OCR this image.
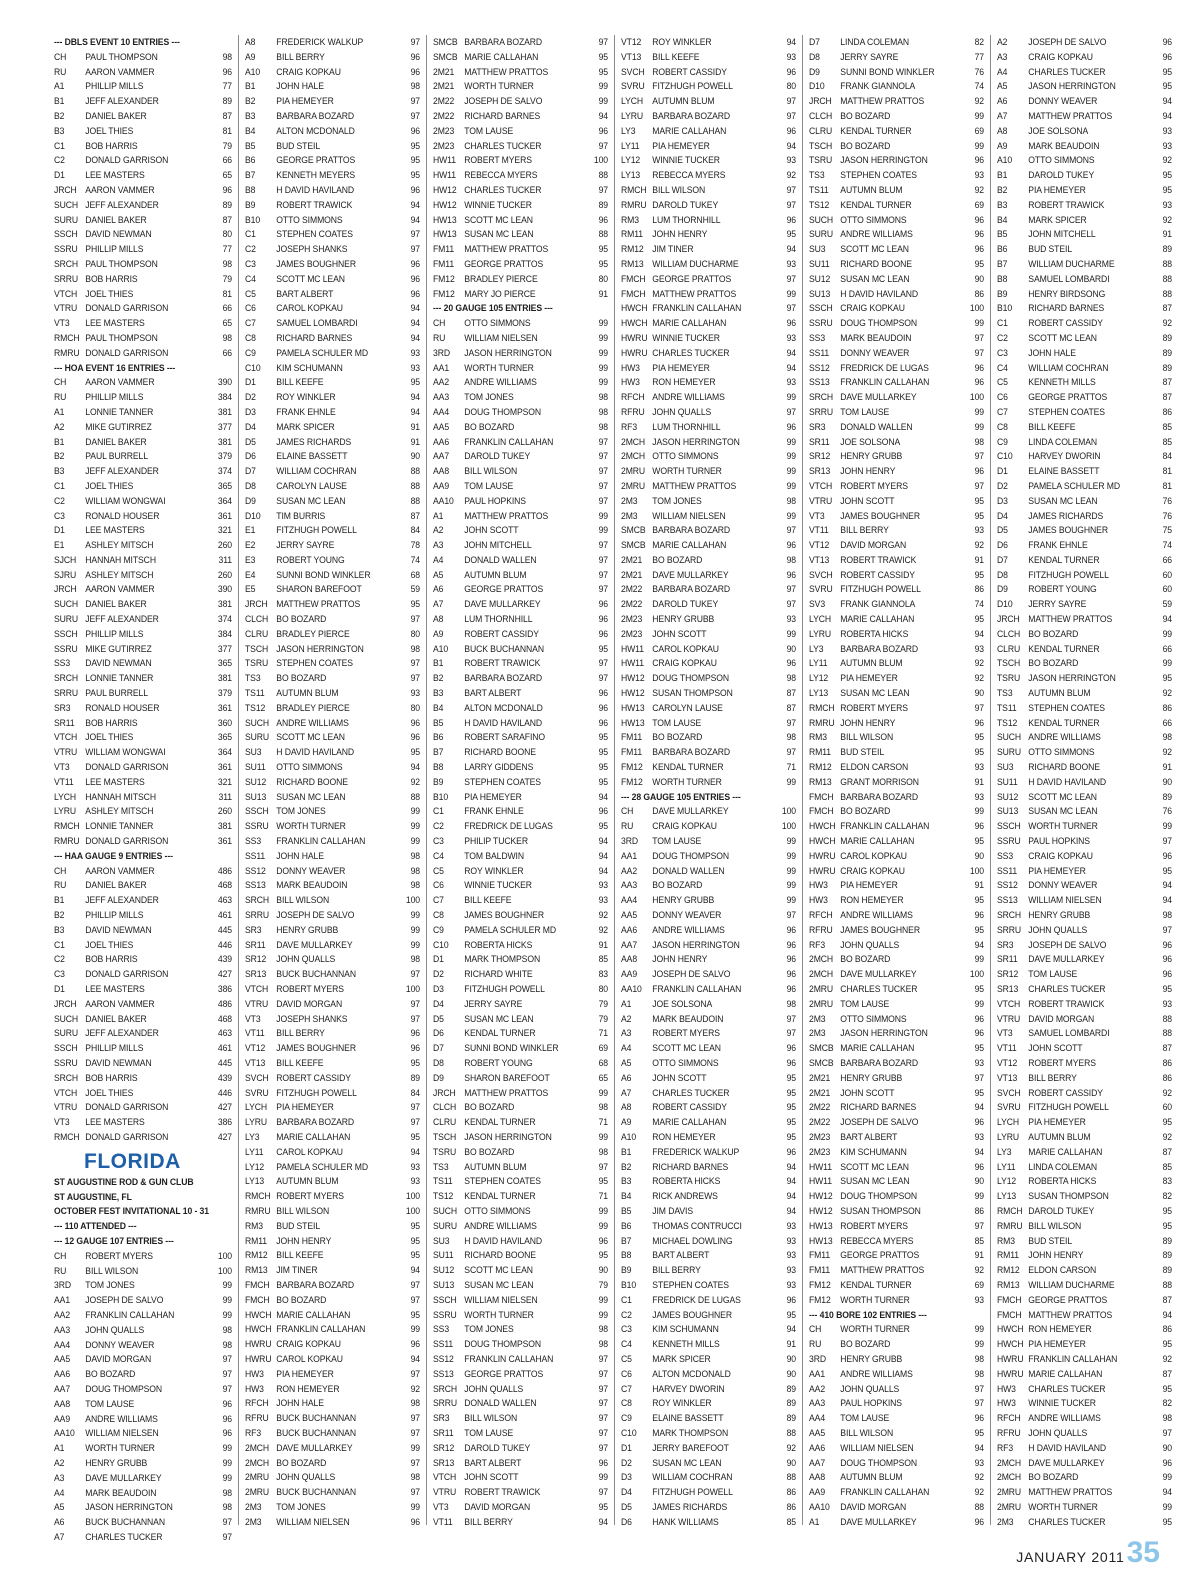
--- DBLS EVENT 10 ENTRIES ---
CH	PAUL THOMPSON	98
RU	AARON VAMMER	96
A1	PHILLIP MILLS	77
B1	JEFF ALEXANDER	89
B2	DANIEL BAKER	87
B3	JOEL THIES	81
C1	BOB HARRIS	79
C2	DONALD GARRISON	66
D1	LEE MASTERS	65
JRCH AARON VAMMER	96
SUCH JEFF ALEXANDER	89
SURU DANIEL BAKER	87
SSCH DAVID NEWMAN	80
SSRU PHILLIP MILLS	77
SRCH PAUL THOMPSON	98
SRRU BOB HARRIS	79
VTCH JOEL THIES	81
VTRU DONALD GARRISON	66
VT3	LEE MASTERS	65
RMCH PAUL THOMPSON	98
RMRU DONALD GARRISON	66
--- HOA EVENT 16 ENTRIES ---
CH	AARON VAMMER	390
RU	PHILLIP MILLS	384
A1	LONNIE TANNER	381
A2	MIKE GUTIRREZ	377
B1	DANIEL BAKER	381
B2	PAUL BURRELL	379
B3	JEFF ALEXANDER	374
C1	JOEL THIES	365
C2	WILLIAM WONGWAI	364
C3	RONALD HOUSER	361
D1	LEE MASTERS	321
E1	ASHLEY MITSCH	260
SJCH HANNAH MITSCH	311
SJRU ASHLEY MITSCH	260
JRCH AARON VAMMER	390
SUCH DANIEL BAKER	381
SURU JEFF ALEXANDER	374
SSCH PHILLIP MILLS	384
SSRU MIKE GUTIRREZ	377
SS3	DAVID NEWMAN	365
SRCH LONNIE TANNER	381
SRRU PAUL BURRELL	379
SR3	RONALD HOUSER	361
SR11	BOB HARRIS	360
VTCH JOEL THIES	365
VTRU WILLIAM WONGWAI	364
VT3	DONALD GARRISON	361
VT11	LEE MASTERS	321
LYCH HANNAH MITSCH	311
LYRU ASHLEY MITSCH	260
RMCH LONNIE TANNER	381
RMRU DONALD GARRISON	361
--- HAA GAUGE 9 ENTRIES ---
CH	AARON VAMMER	486
RU	DANIEL BAKER	468
B1	JEFF ALEXANDER	463
B2	PHILLIP MILLS	461
B3	DAVID NEWMAN	445
C1	JOEL THIES	446
C2	BOB HARRIS	439
C3	DONALD GARRISON	427
D1	LEE MASTERS	386
JRCH AARON VAMMER	486
SUCH DANIEL BAKER	468
SURU JEFF ALEXANDER	463
SSCH PHILLIP MILLS	461
SSRU DAVID NEWMAN	445
SRCH BOB HARRIS	439
VTCH JOEL THIES	446
VTRU DONALD GARRISON	427
VT3	LEE MASTERS	386
RMCH DONALD GARRISON	427
FLORIDA
ST AUGUSTINE ROD & GUN CLUB
ST AUGUSTINE, FL
OCTOBER FEST INVITATIONAL 10 - 31
--- 110 ATTENDED ---
--- 12 GAUGE 107 ENTRIES ---
CH	ROBERT MYERS	100
RU	BILL WILSON	100
3RD	TOM JONES	99
AA1	JOSEPH DE SALVO	99
AA2	FRANKLIN CALLAHAN	99
AA3	JOHN QUALLS	98
AA4	DONNY WEAVER	98
AA5	DAVID MORGAN	97
AA6	BO BOZARD	97
AA7	DOUG THOMPSON	97
AA8	TOM LAUSE	96
AA9	ANDRE WILLIAMS	96
AA10	WILLIAM NIELSEN	96
A1	WORTH TURNER	99
A2	HENRY GRUBB	99
A3	DAVE MULLARKEY	99
A4	MARK BEAUDOIN	98
A5	JASON HERRINGTON	98
A6	BUCK BUCHANNAN	97
A7	CHARLES TUCKER	97
A8	FREDERICK WALKUP	97
A9	BILL BERRY	96
A10	CRAIG KOPKAU	96
B1	JOHN HALE	98
B2	PIA HEMEYER	97
B3	BARBARA BOZARD	97
B4	ALTON MCDONALD	96
B5	BUD STEIL	95
B6	GEORGE PRATTOS	95
B7	KENNETH MEYERS	95
B8	H DAVID HAVILAND	96
B9	ROBERT TRAWICK	94
B10	OTTO SIMMONS	94
C1	STEPHEN COATES	97
C2	JOSEPH SHANKS	97
C3	JAMES BOUGHNER	96
C4	SCOTT MC LEAN	96
C5	BART ALBERT	96
C6	CAROL KOPKAU	94
C7	SAMUEL LOMBARDI	94
C8	RICHARD BARNES	94
C9	PAMELA SCHULER MD	93
C10	KIM SCHUMANN	93
D1	BILL KEEFE	95
D2	ROY WINKLER	94
D3	FRANK EHNLE	94
D4	MARK SPICER	91
D5	JAMES RICHARDS	91
D6	ELAINE BASSETT	90
D7	WILLIAM COCHRAN	88
D8	CAROLYN LAUSE	88
D9	SUSAN MC LEAN	88
D10	TIM BURRIS	87
E1	FITZHUGH POWELL	84
E2	JERRY SAYRE	78
E3	ROBERT YOUNG	74
E4	SUNNI BOND WINKLER	68
E5	SHARON BAREFOOT	59
JRCH MATTHEW PRATTOS	95
CLCH BO BOZARD	97
CLRU BRADLEY PIERCE	80
TSCH JASON HERRINGTON	98
TSRU STEPHEN COATES	97
TS3	BO BOZARD	97
TS11	AUTUMN BLUM	93
TS12	BRADLEY PIERCE	80
SUCH ANDRE WILLIAMS	96
SURU SCOTT MC LEAN	96
SU3	H DAVID HAVILAND	95
SU11	OTTO SIMMONS	94
SU12	RICHARD BOONE	92
SU13	SUSAN MC LEAN	88
SSCH TOM JONES	99
SSRU WORTH TURNER	99
SS3	FRANKLIN CALLAHAN	99
SS11	JOHN HALE	98
SS12	DONNY WEAVER	98
SS13	MARK BEAUDOIN	98
SRCH BILL WILSON	100
SRRU JOSEPH DE SALVO	99
SR3	HENRY GRUBB	99
SR11	DAVE MULLARKEY	99
SR12	JOHN QUALLS	98
SR13	BUCK BUCHANNAN	97
VTCH ROBERT MYERS	100
VTRU DAVID MORGAN	97
VT3	JOSEPH SHANKS	97
VT11	BILL BERRY	96
VT12	JAMES BOUGHNER	96
VT13	BILL KEEFE	95
SVCH ROBERT CASSIDY	89
SVRU FITZHUGH POWELL	84
LYCH PIA HEMEYER	97
LYRU BARBARA BOZARD	97
LY3	MARIE CALLAHAN	95
LY11	CAROL KOPKAU	94
LY12	PAMELA SCHULER MD	93
LY13	AUTUMN BLUM	93
RMCH ROBERT MYERS	100
RMRU BILL WILSON	100
RM3	BUD STEIL	95
RM11 JOHN HENRY	95
RM12 BILL KEEFE	95
RM13 JIM TINER	94
FMCH BARBARA BOZARD	97
FMCH BO BOZARD	97
HWCH MARIE CALLAHAN	95
HWCH FRANKLIN CALLAHAN	99
HWRU CRAIG KOPKAU	96
HWRU CAROL KOPKAU	94
HW3	PIA HEMEYER	97
HW3	RON HEMEYER	92
RFCH JOHN HALE	98
RFRU BUCK BUCHANNAN	97
RF3	BUCK BUCHANNAN	97
2MCH DAVE MULLARKEY	99
2MCH BO BOZARD	97
2MRU JOHN QUALLS	98
2MRU BUCK BUCHANNAN	97
2M3	TOM JONES	99
2M3	WILLIAM NIELSEN	96
SMCB BARBARA BOZARD	97
SMCB MARIE CALLAHAN	95
2M21	MATTHEW PRATTOS	95
2M21	WORTH TURNER	99
2M22	JOSEPH DE SALVO	99
2M22	RICHARD BARNES	94
2M23	TOM LAUSE	96
2M23	CHARLES TUCKER	97
HW11 ROBERT MYERS	100
HW11 REBECCA MYERS	88
HW12 CHARLES TUCKER	97
HW12 WINNIE TUCKER	89
HW13 SCOTT MC LEAN	96
HW13 SUSAN MC LEAN	88
FM11	MATTHEW PRATTOS	95
FM11	GEORGE PRATTOS	95
FM12	BRADLEY PIERCE	80
FM12	MARY JO PIERCE	91
--- 20 GAUGE 105 ENTRIES ---
CH	OTTO SIMMONS	99
RU	WILLIAM NIELSEN	99
3RD	JASON HERRINGTON	99
AA1	WORTH TURNER	99
AA2	ANDRE WILLIAMS	99
AA3	TOM JONES	98
AA4	DOUG THOMPSON	98
AA5	BO BOZARD	98
AA6	FRANKLIN CALLAHAN	97
AA7	DAROLD TUKEY	97
AA8	BILL WILSON	97
AA9	TOM LAUSE	97
AA10	PAUL HOPKINS	97
A1	MATTHEW PRATTOS	99
A2	JOHN SCOTT	99
A3	JOHN MITCHELL	97
A4	DONALD WALLEN	97
A5	AUTUMN BLUM	97
A6	GEORGE PRATTOS	97
A7	DAVE MULLARKEY	96
A8	LUM THORNHILL	96
A9	ROBERT CASSIDY	96
A10	BUCK BUCHANNAN	95
B1	ROBERT TRAWICK	97
B2	BARBARA BOZARD	97
B3	BART ALBERT	96
B4	ALTON MCDONALD	96
B5	H DAVID HAVILAND	96
B6	ROBERT SARAFINO	95
B7	RICHARD BOONE	95
B8	LARRY GIDDENS	95
B9	STEPHEN COATES	95
B10	PIA HEMEYER	94
C1	FRANK EHNLE	96
C2	FREDRICK DE LUGAS	95
C3	PHILIP TUCKER	94
C4	TOM BALDWIN	94
C5	ROY WINKLER	94
C6	WINNIE TUCKER	93
C7	BILL KEEFE	93
C8	JAMES BOUGHNER	92
C9	PAMELA SCHULER MD	92
C10	ROBERTA HICKS	91
D1	MARK THOMPSON	85
D2	RICHARD WHITE	83
D3	FITZHUGH POWELL	80
D4	JERRY SAYRE	79
D5	SUSAN MC LEAN	79
D6	KENDAL TURNER	71
D7	SUNNI BOND WINKLER	69
D8	ROBERT YOUNG	68
D9	SHARON BAREFOOT	65
JRCH MATTHEW PRATTOS	99
CLCH BO BOZARD	98
CLRU KENDAL TURNER	71
TSCH JASON HERRINGTON	99
TSRU BO BOZARD	98
TS3	AUTUMN BLUM	97
TS11	STEPHEN COATES	95
TS12	KENDAL TURNER	71
SUCH OTTO SIMMONS	99
SURU ANDRE WILLIAMS	99
SU3	H DAVID HAVILAND	96
SU11	RICHARD BOONE	95
SU12	SCOTT MC LEAN	90
SU13	SUSAN MC LEAN	79
SSCH WILLIAM NIELSEN	99
SSRU WORTH TURNER	99
SS3	TOM JONES	98
SS11	DOUG THOMPSON	98
SS12	FRANKLIN CALLAHAN	97
SS13	GEORGE PRATTOS	97
SRCH JOHN QUALLS	97
SRRU DONALD WALLEN	97
SR3	BILL WILSON	97
SR11	TOM LAUSE	97
SR12	DAROLD TUKEY	97
SR13	BART ALBERT	96
VTCH JOHN SCOTT	99
VTRU ROBERT TRAWICK	97
VT3	DAVID MORGAN	95
VT11	BILL BERRY	94
VT12	ROY WINKLER	94
VT13	BILL KEEFE	93
SVCH ROBERT CASSIDY	96
SVRU FITZHUGH POWELL	80
LYCH AUTUMN BLUM	97
LYRU BARBARA BOZARD	97
LY3	MARIE CALLAHAN	96
LY11	PIA HEMEYER	94
LY12	WINNIE TUCKER	93
LY13	REBECCA MYERS	92
RMCH BILL WILSON	97
RMRU DAROLD TUKEY	97
RM3	LUM THORNHILL	96
RM11 JOHN HENRY	95
RM12 JIM TINER	94
RM13 WILLIAM DUCHARME	93
FMCH GEORGE PRATTOS	97
FMCH MATTHEW PRATTOS	99
HWCH FRANKLIN CALLAHAN	97
HWCH MARIE CALLAHAN	96
HWRU WINNIE TUCKER	93
HWRU CHARLES TUCKER	94
HW3	PIA HEMEYER	94
HW3	RON HEMEYER	93
RFCH ANDRE WILLIAMS	99
RFRU JOHN QUALLS	97
RF3	LUM THORNHILL	96
2MCH JASON HERRINGTON	99
2MCH OTTO SIMMONS	99
2MRU WORTH TURNER	99
2MRU MATTHEW PRATTOS	99
2M3	TOM JONES	98
2M3	WILLIAM NIELSEN	99
SMCB BARBARA BOZARD	97
SMCB MARIE CALLAHAN	96
2M21	BO BOZARD	98
2M21	DAVE MULLARKEY	96
2M22	BARBARA BOZARD	97
2M22	DAROLD TUKEY	97
2M23	HENRY GRUBB	93
2M23	JOHN SCOTT	99
HW11 CAROL KOPKAU	90
HW11 CRAIG KOPKAU	96
HW12 DOUG THOMPSON	98
HW12 SUSAN THOMPSON	87
HW13 CAROLYN LAUSE	87
HW13 TOM LAUSE	97
FM11	BO BOZARD	98
FM11	BARBARA BOZARD	97
FM12	KENDAL TURNER	71
FM12	WORTH TURNER	99
--- 28 GAUGE 105 ENTRIES ---
CH	DAVE MULLARKEY	100
RU	CRAIG KOPKAU	100
3RD	TOM LAUSE	99
AA1	DOUG THOMPSON	99
AA2	DONALD WALLEN	99
AA3	BO BOZARD	99
AA4	HENRY GRUBB	99
AA5	DONNY WEAVER	97
AA6	ANDRE WILLIAMS	96
AA7	JASON HERRINGTON	96
AA8	JOHN HENRY	96
AA9	JOSEPH DE SALVO	96
AA10	FRANKLIN CALLAHAN	96
A1	JOE SOLSONA	98
A2	MARK BEAUDOIN	97
A3	ROBERT MYERS	97
A4	SCOTT MC LEAN	96
A5	OTTO SIMMONS	96
A6	JOHN SCOTT	95
A7	CHARLES TUCKER	95
A8	ROBERT CASSIDY	95
A9	MARIE CALLAHAN	95
A10	RON HEMEYER	95
B1	FREDERICK WALKUP	96
B2	RICHARD BARNES	94
B3	ROBERTA HICKS	94
B4	RICK ANDREWS	94
B5	JIM DAVIS	94
B6	THOMAS CONTRUCCI	93
B7	MICHAEL DOWLING	93
B8	BART ALBERT	93
B9	BILL BERRY	93
B10	STEPHEN COATES	93
C1	FREDRICK DE LUGAS	96
C2	JAMES BOUGHNER	95
C3	KIM SCHUMANN	94
C4	KENNETH MILLS	91
C5	MARK SPICER	90
C6	ALTON MCDONALD	90
C7	HARVEY DWORIN	89
C8	ROY WINKLER	89
C9	ELAINE BASSETT	89
C10	MARK THOMPSON	88
D1	JERRY BAREFOOT	92
D2	SUSAN MC LEAN	90
D3	WILLIAM COCHRAN	88
D4	FITZHUGH POWELL	86
D5	JAMES RICHARDS	86
D6	HANK WILLIAMS	85
D7	LINDA COLEMAN	82
D8	JERRY SAYRE	77
D9	SUNNI BOND WINKLER	76
D10	FRANK GIANNOLA	74
JRCH MATTHEW PRATTOS	92
CLCH BO BOZARD	99
CLRU KENDAL TURNER	69
TSCH BO BOZARD	99
TSRU JASON HERRINGTON	96
TS3	STEPHEN COATES	93
TS11	AUTUMN BLUM	92
TS12	KENDAL TURNER	69
SUCH OTTO SIMMONS	96
SURU ANDRE WILLIAMS	96
SU3	SCOTT MC LEAN	96
SU11	RICHARD BOONE	95
SU12	SUSAN MC LEAN	90
SU13	H DAVID HAVILAND	86
SSCH CRAIG KOPKAU	100
SSRU DOUG THOMPSON	99
SS3	MARK BEAUDOIN	97
SS11	DONNY WEAVER	97
SS12	FREDRICK DE LUGAS	96
SS13	FRANKLIN CALLAHAN	96
SRCH DAVE MULLARKEY	100
SRRU TOM LAUSE	99
SR3	DONALD WALLEN	99
SR11	JOE SOLSONA	98
SR12	HENRY GRUBB	97
SR13	JOHN HENRY	96
VTCH ROBERT MYERS	97
VTRU JOHN SCOTT	95
VT3	JAMES BOUGHNER	95
VT11	BILL BERRY	93
VT12	DAVID MORGAN	92
VT13	ROBERT TRAWICK	91
SVCH ROBERT CASSIDY	95
SVRU FITZHUGH POWELL	86
SV3	FRANK GIANNOLA	74
LYCH MARIE CALLAHAN	95
LYRU ROBERTA HICKS	94
LY3	BARBARA BOZARD	93
LY11	AUTUMN BLUM	92
LY12	PIA HEMEYER	92
LY13	SUSAN MC LEAN	90
RMCH ROBERT MYERS	97
RMRU JOHN HENRY	96
RM3	BILL WILSON	95
RM11 BUD STEIL	95
RM12 ELDON CARSON	93
RM13 GRANT MORRISON	91
FMCH BARBARA BOZARD	93
FMCH BO BOZARD	99
HWCH FRANKLIN CALLAHAN	96
HWCH MARIE CALLAHAN	95
HWRU CAROL KOPKAU	90
HWRU CRAIG KOPKAU	100
HW3	PIA HEMEYER	91
HW3	RON HEMEYER	95
RFCH ANDRE WILLIAMS	96
RFRU JAMES BOUGHNER	95
RF3	JOHN QUALLS	94
2MCH BO BOZARD	99
2MCH DAVE MULLARKEY	100
2MRU CHARLES TUCKER	95
2MRU TOM LAUSE	99
2M3	OTTO SIMMONS	96
2M3	JASON HERRINGTON	96
SMCB MARIE CALLAHAN	95
SMCB BARBARA BOZARD	93
2M21	HENRY GRUBB	97
2M21	JOHN SCOTT	95
2M22	RICHARD BARNES	94
2M22	JOSEPH DE SALVO	96
2M23	BART ALBERT	93
2M23	KIM SCHUMANN	94
HW11 SCOTT MC LEAN	96
HW11 SUSAN MC LEAN	90
HW12 DOUG THOMPSON	99
HW12 SUSAN THOMPSON	86
HW13 ROBERT MYERS	97
HW13 REBECCA MYERS	85
FM11	GEORGE PRATTOS	91
FM11	MATTHEW PRATTOS	92
FM12	KENDAL TURNER	69
FM12	WORTH TURNER	93
--- 410 BORE 102 ENTRIES ---
CH	WORTH TURNER	99
RU	BO BOZARD	99
3RD	HENRY GRUBB	98
AA1	ANDRE WILLIAMS	98
AA2	JOHN QUALLS	97
AA3	PAUL HOPKINS	97
AA4	TOM LAUSE	96
AA5	BILL WILSON	95
AA6	WILLIAM NIELSEN	94
AA7	DOUG THOMPSON	93
AA8	AUTUMN BLUM	92
AA9	FRANKLIN CALLAHAN	92
AA10	DAVID MORGAN	88
A1	DAVE MULLARKEY	96
A2	JOSEPH DE SALVO	96
A3	CRAIG KOPKAU	96
A4	CHARLES TUCKER	95
A5	JASON HERRINGTON	95
A6	DONNY WEAVER	94
A7	MATTHEW PRATTOS	94
A8	JOE SOLSONA	93
A9	MARK BEAUDOIN	93
A10	OTTO SIMMONS	92
B1	DAROLD TUKEY	95
B2	PIA HEMEYER	95
B3	ROBERT TRAWICK	93
B4	MARK SPICER	92
B5	JOHN MITCHELL	91
B6	BUD STEIL	89
B7	WILLIAM DUCHARME	88
B8	SAMUEL LOMBARDI	88
B9	HENRY BIRDSONG	88
B10	RICHARD BARNES	87
C1	ROBERT CASSIDY	92
C2	SCOTT MC LEAN	89
C3	JOHN HALE	89
C4	WILLIAM COCHRAN	89
C5	KENNETH MILLS	87
C6	GEORGE PRATTOS	87
C7	STEPHEN COATES	86
C8	BILL KEEFE	85
C9	LINDA COLEMAN	85
C10	HARVEY DWORIN	84
D1	ELAINE BASSETT	81
D2	PAMELA SCHULER MD	81
D3	SUSAN MC LEAN	76
D4	JAMES RICHARDS	76
D5	JAMES BOUGHNER	75
D6	FRANK EHNLE	74
D7	KENDAL TURNER	66
D8	FITZHUGH POWELL	60
D9	ROBERT YOUNG	60
D10	JERRY SAYRE	59
JRCH MATTHEW PRATTOS	94
CLCH BO BOZARD	99
CLRU KENDAL TURNER	66
TSCH BO BOZARD	99
TSRU JASON HERRINGTON	95
TS3	AUTUMN BLUM	92
TS11	STEPHEN COATES	86
TS12	KENDAL TURNER	66
SUCH ANDRE WILLIAMS	98
SURU OTTO SIMMONS	92
SU3	RICHARD BOONE	91
SU11	H DAVID HAVILAND	90
SU12	SCOTT MC LEAN	89
SU13	SUSAN MC LEAN	76
SSCH WORTH TURNER	99
SSRU PAUL HOPKINS	97
SS3	CRAIG KOPKAU	96
SS11	PIA HEMEYER	95
SS12	DONNY WEAVER	94
SS13	WILLIAM NIELSEN	94
SRCH HENRY GRUBB	98
SRRU JOHN QUALLS	97
SR3	JOSEPH DE SALVO	96
SR11	DAVE MULLARKEY	96
SR12	TOM LAUSE	96
SR13	CHARLES TUCKER	95
VTCH ROBERT TRAWICK	93
VTRU DAVID MORGAN	88
VT3	SAMUEL LOMBARDI	88
VT11	JOHN SCOTT	87
VT12	ROBERT MYERS	86
VT13	BILL BERRY	86
SVCH ROBERT CASSIDY	92
SVRU FITZHUGH POWELL	60
LYCH PIA HEMEYER	95
LYRU AUTUMN BLUM	92
LY3	MARIE CALLAHAN	87
LY11	LINDA COLEMAN	85
LY12	ROBERTA HICKS	83
LY13	SUSAN THOMPSON	82
RMCH DAROLD TUKEY	95
RMRU BILL WILSON	95
RM3	BUD STEIL	89
RM11 JOHN HENRY	89
RM12 ELDON CARSON	89
RM13 WILLIAM DUCHARME	88
FMCH GEORGE PRATTOS	87
FMCH MATTHEW PRATTOS	94
HWCH RON HEMEYER	86
HWCH PIA HEMEYER	95
HWRU FRANKLIN CALLAHAN	92
HWRU MARIE CALLAHAN	87
HW3	CHARLES TUCKER	95
HW3	WINNIE TUCKER	82
RFCH ANDRE WILLIAMS	98
RFRU JOHN QUALLS	97
RF3	H DAVID HAVILAND	90
2MCH DAVE MULLARKEY	96
2MCH BO BOZARD	99
2MRU MATTHEW PRATTOS	94
2MRU WORTH TURNER	99
2M3	CHARLES TUCKER	95
JANUARY 2011 35
